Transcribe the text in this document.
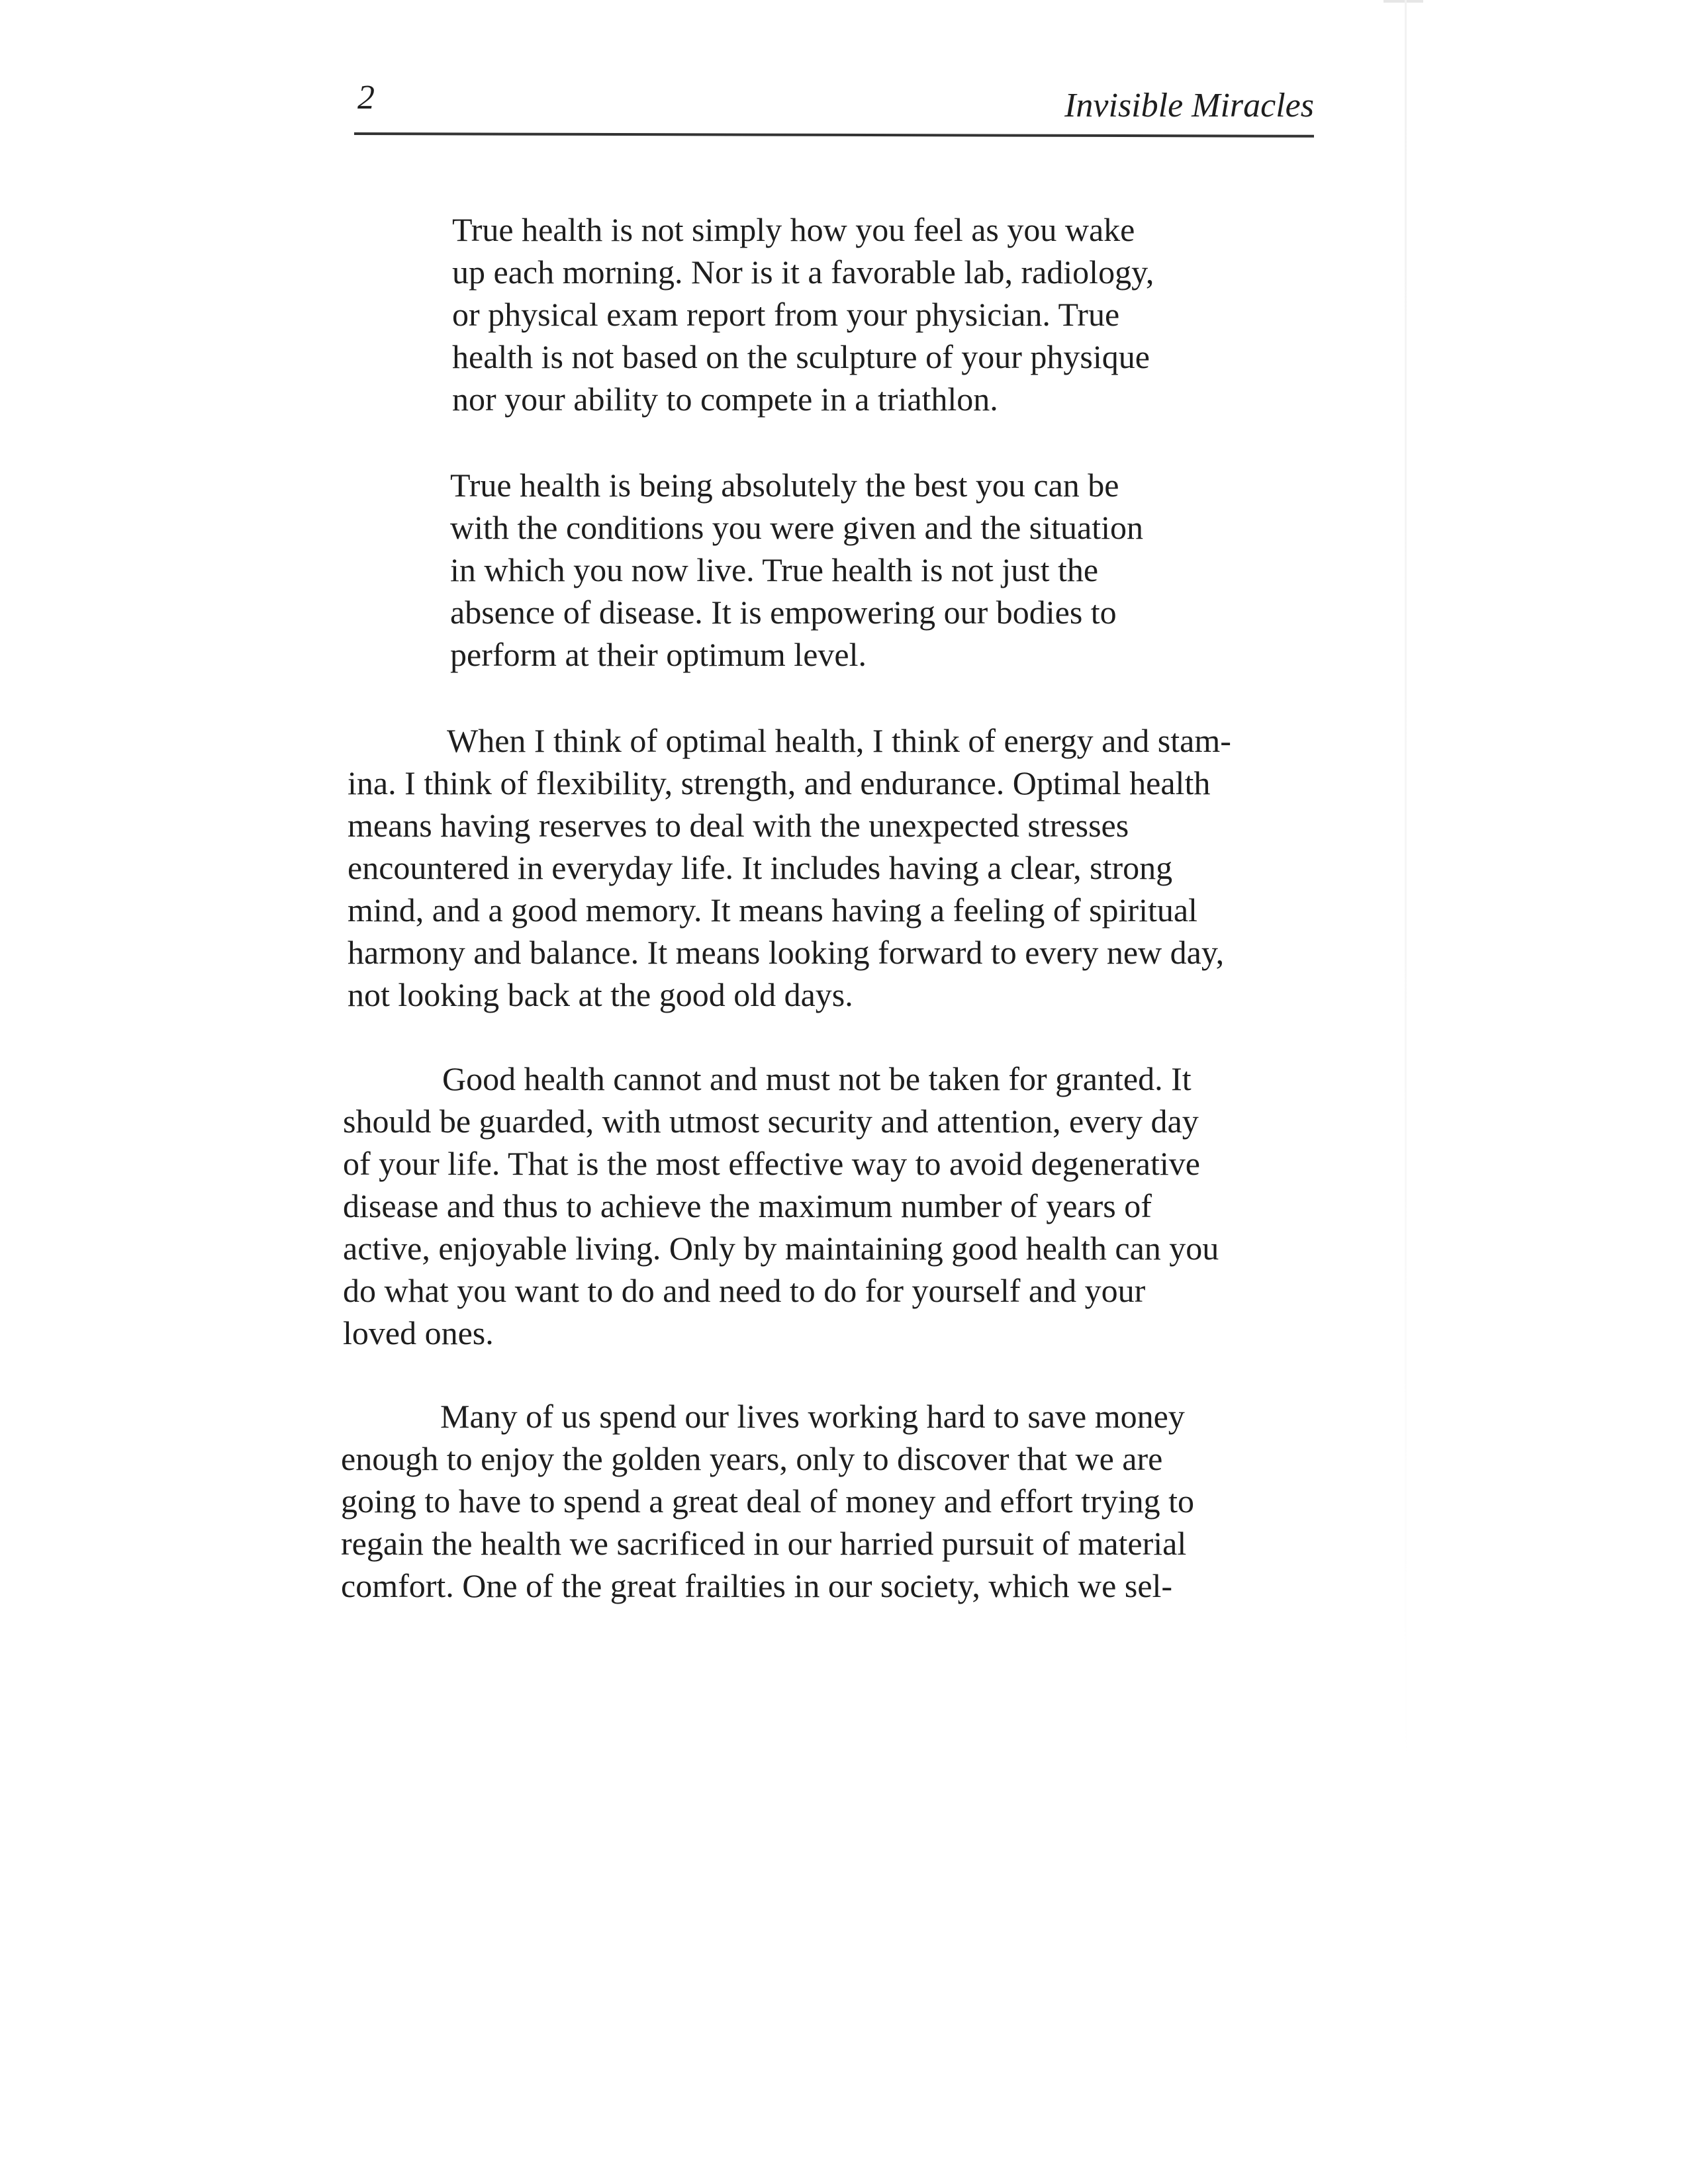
2	Invisible Miracles
True health is not simply how you feel as you wake
up each morning. Nor is it a favorable lab, radiology,
or physical exam report from your physician. True
health is not based on the sculpture of your physique
nor your ability to compete in a triathlon.
True health is being absolutely the best you can be
with the conditions you were given and the situation
in which you now live. True health is not just the
absence of disease. It is empowering our bodies to
perform at their optimum level.
When I think of optimal health, I think of energy and stam-
ina. I think of flexibility, strength, and endurance. Optimal health
means having reserves to deal with the unexpected stresses
encountered in everyday life. It includes having a clear, strong
mind, and a good memory. It means having a feeling of spiritual
harmony and balance. It means looking forward to every new day,
not looking back at the good old days.
Good health cannot and must not be taken for granted. It
should be guarded, with utmost security and attention, every day
of your life. That is the most effective way to avoid degenerative
disease and thus to achieve the maximum number of years of
active, enjoyable living. Only by maintaining good health can you
do what you want to do and need to do for yourself and your
loved ones.
Many of us spend our lives working hard to save money
enough to enjoy the golden years, only to discover that we are
going to have to spend a great deal of money and effort trying to
regain the health we sacrificed in our harried pursuit of material
comfort. One of the great frailties in our society, which we sel-
